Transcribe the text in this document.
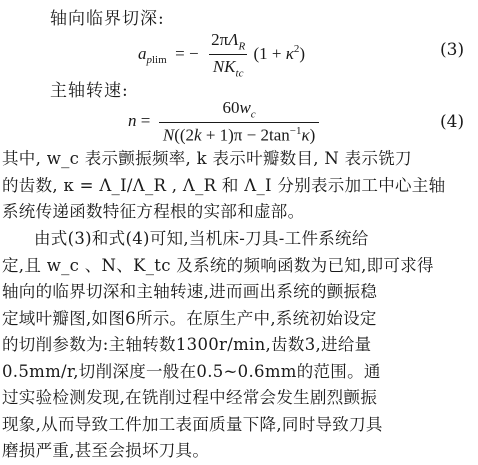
轴向临界切深:
$a_{plim}$  = − $\frac{2\pi\Lambda_R}{NK_{tc}} (1 + \kappa^2)$	(3)
主轴转速:
$n = \frac{60w_c}{N((2k + 1)\pi - 2\tan^{-1}\kappa)}$	(4)
其中, w_c 表示颤振频率, k 表示叶瓣数目, N 表示铣刀
的齿数, κ = Λ_I/Λ_R , Λ_R 和 Λ_I 分别表示加工中心主轴
系统传递函数特征方程根的实部和虚部。
由式(3)和式(4)可知,当机床-刀具-工件系统给
定,且 w_c 、N、K_tc 及系统的频响函数为已知,即可求得
轴向的临界切深和主轴转速,进而画出系统的颤振稳
定域叶瓣图,如图6所示。在原生产中,系统初始设定
的切削参数为:主轴转数1300r/min,齿数3,进给量
0.5mm/r,切削深度一般在0.5~0.6mm的范围。通
过实验检测发现,在铣削过程中经常会发生剧烈颤振
现象,从而导致工件加工表面质量下降,同时导致刀具
磨损严重,甚至会损坏刀具。
